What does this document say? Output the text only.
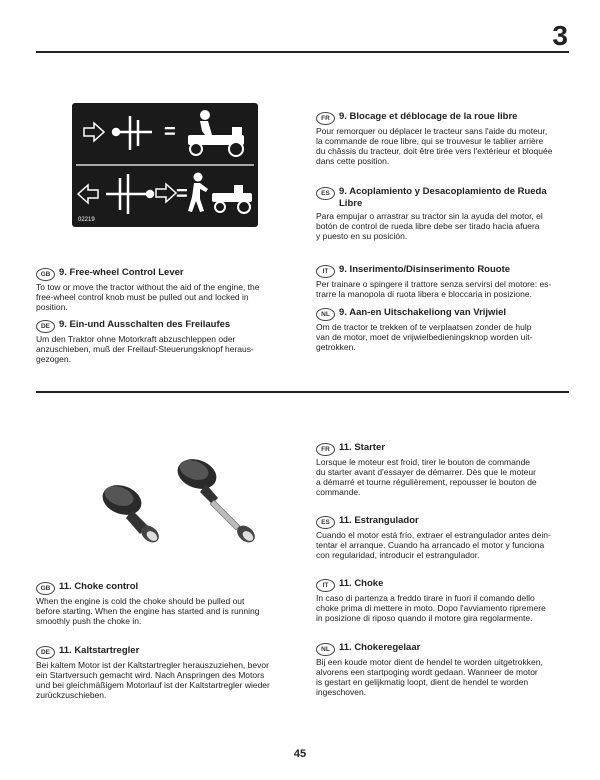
3
=
=
02219
GB 9. Free-wheel Control Lever
To tow or move the tractor without the aid of the engine, the
free-wheel control knob must be pulled out and locked in
position.
DE 9. Ein-und Ausschalten des Freilaufes
Um den Traktor ohne Motorkraft abzuschleppen oder
anzuschieben, muß der Freilauf-Steuerungsknopf heraus-
gezogen.
FR 9. Blocage et déblocage de la roue libre
Pour remorquer ou déplacer le tracteur sans l'aide du moteur,
la commande de roue libre, qui se trouvesur le tablier arrière
du châssis du tracteur, doit être tirée vers l'extérieur et bloquée
dans cette position.
ES 9. Acoplamiento y Desacoplamiento de Rueda
Libre
Para empujar o arrastrar su tractor sin la ayuda del motor, el
botón de control de rueda libre debe ser tirado hacia afuera
y puesto en su posición.
IT	9. Inserimento/Disinserimento Rouote
Per trainare o spingere il trattore senza servirsi del motore: es-
trarre la manopola di ruota libera e bloccaria in posizione.
NL 9. Aan-en Uitschakeliong van Vrijwiel
Om de tractor te trekken of te verplaatsen zonder de hulp
van de motor, moet de vrijwielbedieningsknop worden uit-
getrokken.
GB 11. Choke control
When the engine is cold the choke should be pulled out
before starting. When the engine has started and is running
smoothly push the choke in.
DE 11. Kaltstartregler
Bei kaltem Motor ist der Kaltstartregler herauszuziehen, bevor
ein Startversuch gemacht wird. Nach Anspringen des Motors
und bei gleichmäßigem Motorlauf ist der Kaltstartregler wieder
zurückzuschieben.
FR 11. Starter
Lorsque le moteur est froid, tirer le bouton de commande
du starter avant d'essayer de démarrer. Dès que le moteur
a démarré et tourne régulièrement, repousser le bouton de
commande.
ES 11. Estrangulador
Cuando el motor está frío, extraer el estrangulador antes dein-
tentar el arranque. Cuando ha arrancado el motor y funciona
con regularidad, introducir el estrangulador.
IT	11. Choke
In caso di partenza a freddo tirare in fuori il comando dello
choke prima di mettere in moto. Dopo l'avviamento ripremere
in posizione di riposo quando il motore gira regolarmente.
NL 11. Chokeregelaar
Bij een koude motor dient de hendel te worden uitgetrokken,
alvorens een startpoging wordt gedaan. Wanneer de motor
is gestart en gelijkmatig loopt, dient de hendel te worden
ingeschoven.
45
